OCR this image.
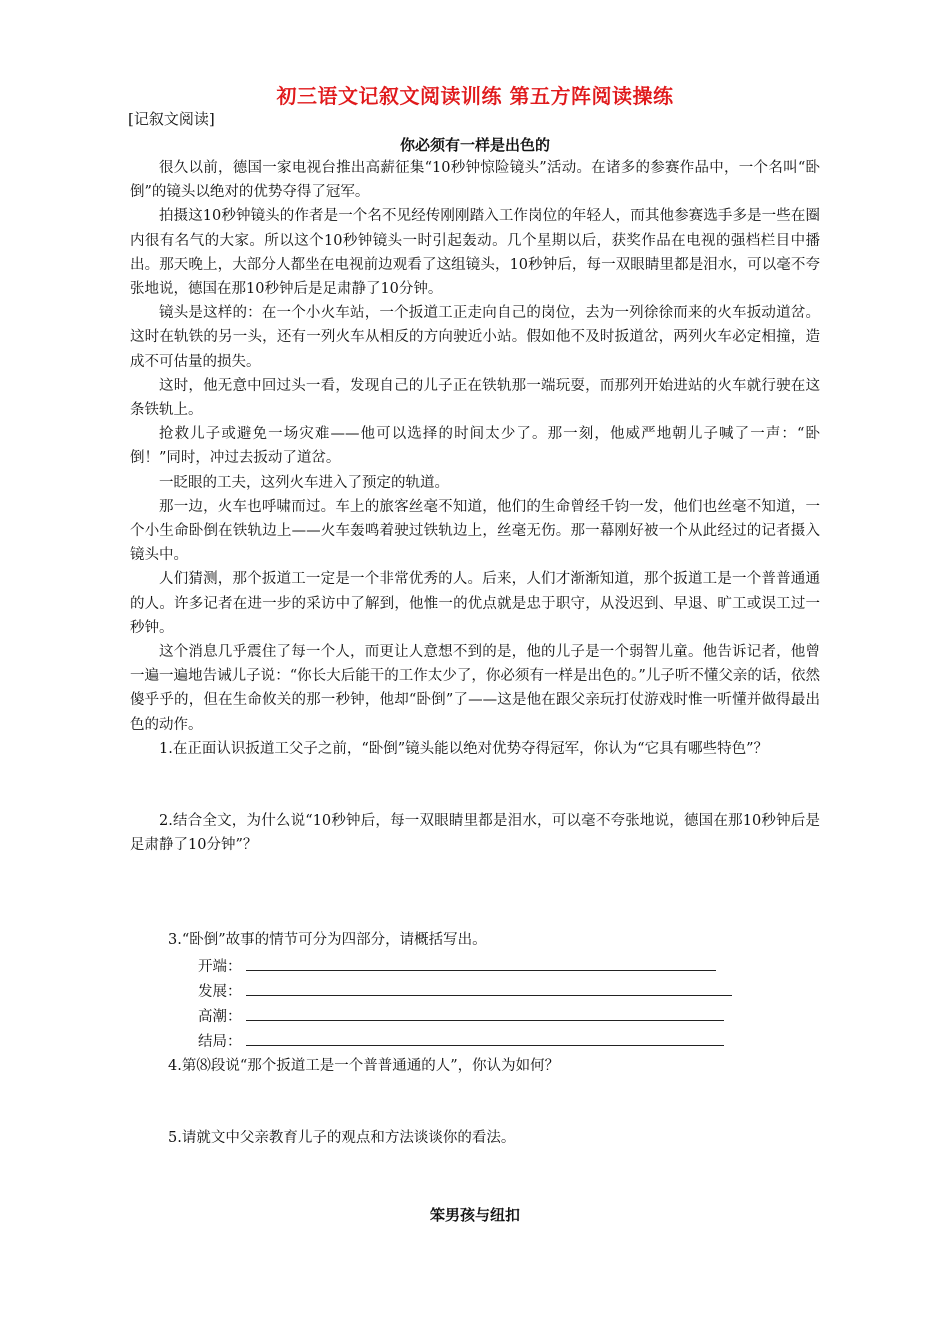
初三语文记叙文阅读训练 第五方阵阅读操练
[记叙文阅读]
你必须有一样是出色的

很久以前，德国一家电视台推出高薪征集“10秒钟惊险镜头”活动。在诸多的参赛作品中，一个名叫“卧倒”的镜头以绝对的优势夺得了冠军。

拍摄这10秒钟镜头的作者是一个名不见经传刚刚踏入工作岗位的年轻人，而其他参赛选手多是一些在圈内很有名气的大家。所以这个10秒钟镜头一时引起轰动。几个星期以后，获奖作品在电视的强档栏目中播出。那天晚上，大部分人都坐在电视前边观看了这组镜头，10秒钟后，每一双眼睛里都是泪水，可以毫不夸张地说，德国在那10秒钟后是足肃静了10分钟。

镜头是这样的：在一个小火车站，一个扳道工正走向自己的岗位，去为一列徐徐而来的火车扳动道岔。这时在轨铁的另一头，还有一列火车从相反的方向驶近小站。假如他不及时扳道岔，两列火车必定相撞，造成不可估量的损失。

这时，他无意中回过头一看，发现自己的儿子正在铁轨那一端玩耍，而那列开始进站的火车就行驶在这条铁轨上。

抢救儿子或避免一场灾难——他可以选择的时间太少了。那一刻，他威严地朝儿子喊了一声：“卧倒！”同时，冲过去扳动了道岔。

一眨眼的工夫，这列火车进入了预定的轨道。

那一边，火车也呼啸而过。车上的旅客丝毫不知道，他们的生命曾经千钧一发，他们也丝毫不知道，一个小生命卧倒在铁轨边上——火车轰鸣着驶过铁轨边上，丝毫无伤。那一幕刚好被一个从此经过的记者摄入镜头中。

人们猜测，那个扳道工一定是一个非常优秀的人。后来，人们才渐渐知道，那个扳道工是一个普普通通的人。许多记者在进一步的采访中了解到，他惟一的优点就是忠于职守，从没迟到、早退、旷工或误工过一秒钟。

这个消息几乎震住了每一个人，而更让人意想不到的是，他的儿子是一个弱智儿童。他告诉记者，他曾一遍一遍地告诫儿子说：“你长大后能干的工作太少了，你必须有一样是出色的。”儿子听不懂父亲的话，依然傻乎乎的，但在生命攸关的那一秒钟，他却“卧倒”了——这是他在跟父亲玩打仗游戏时惟一听懂并做得最出色的动作。

1.在正面认识扳道工父子之前，“卧倒”镜头能以绝对优势夺得冠军，你认为“它具有哪些特色”？

2.结合全文，为什么说“10秒钟后，每一双眼睛里都是泪水，可以毫不夸张地说，德国在那10秒钟后是足肃静了10分钟”？

3.“卧倒”故事的情节可分为四部分，请概括写出。
开端：
发展：
高潮：
结局：
4.第⑻段说“那个扳道工是一个普普通通的人”，你认为如何？
5.请就文中父亲教育儿子的观点和方法谈谈你的看法。
笨男孩与纽扣
